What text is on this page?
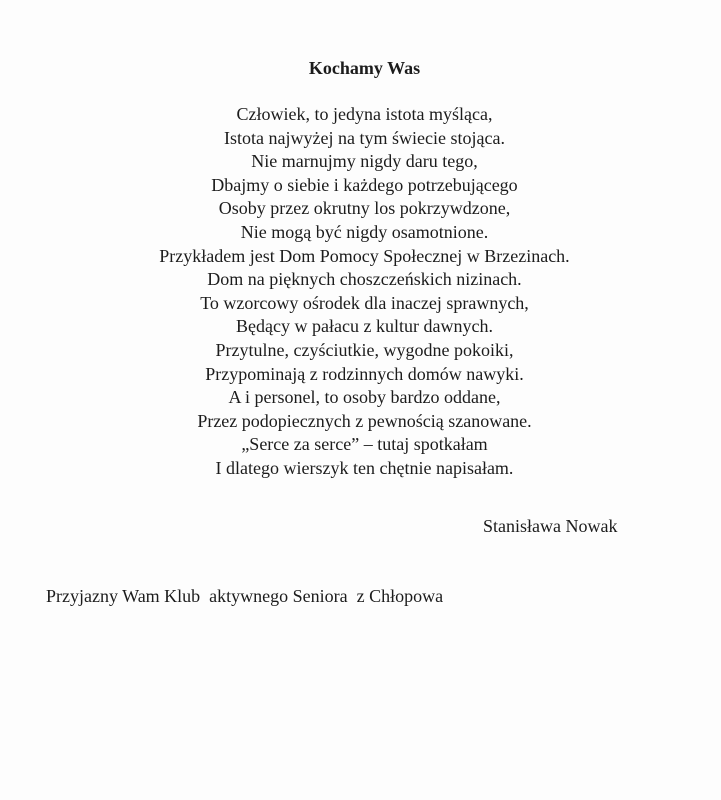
Kochamy Was
Człowiek, to jedyna istota myśląca,
Istota najwyżej na tym świecie stojąca.
Nie marnujmy nigdy daru tego,
Dbajmy o siebie i każdego potrzebującego
Osoby przez okrutny los pokrzywdzone,
Nie mogą być nigdy osamotnione.
Przykładem jest Dom Pomocy Społecznej w Brzezinach.
Dom na pięknych choszczeńskich nizinach.
To wzorcowy ośrodek dla inaczej sprawnych,
Będący w pałacu z kultur dawnych.
Przytulne, czyściutkie, wygodne pokoiki,
Przypominają z rodzinnych domów nawyki.
A i personel, to osoby bardzo oddane,
Przez podopiecznych z pewnością szanowane.
„Serce za serce” – tutaj spotkałam
I dlatego wierszyk ten chętnie napisałam.

Stanisława Nowak

Przyjazny Wam Klub  aktywnego Seniora  z Chłopowa
